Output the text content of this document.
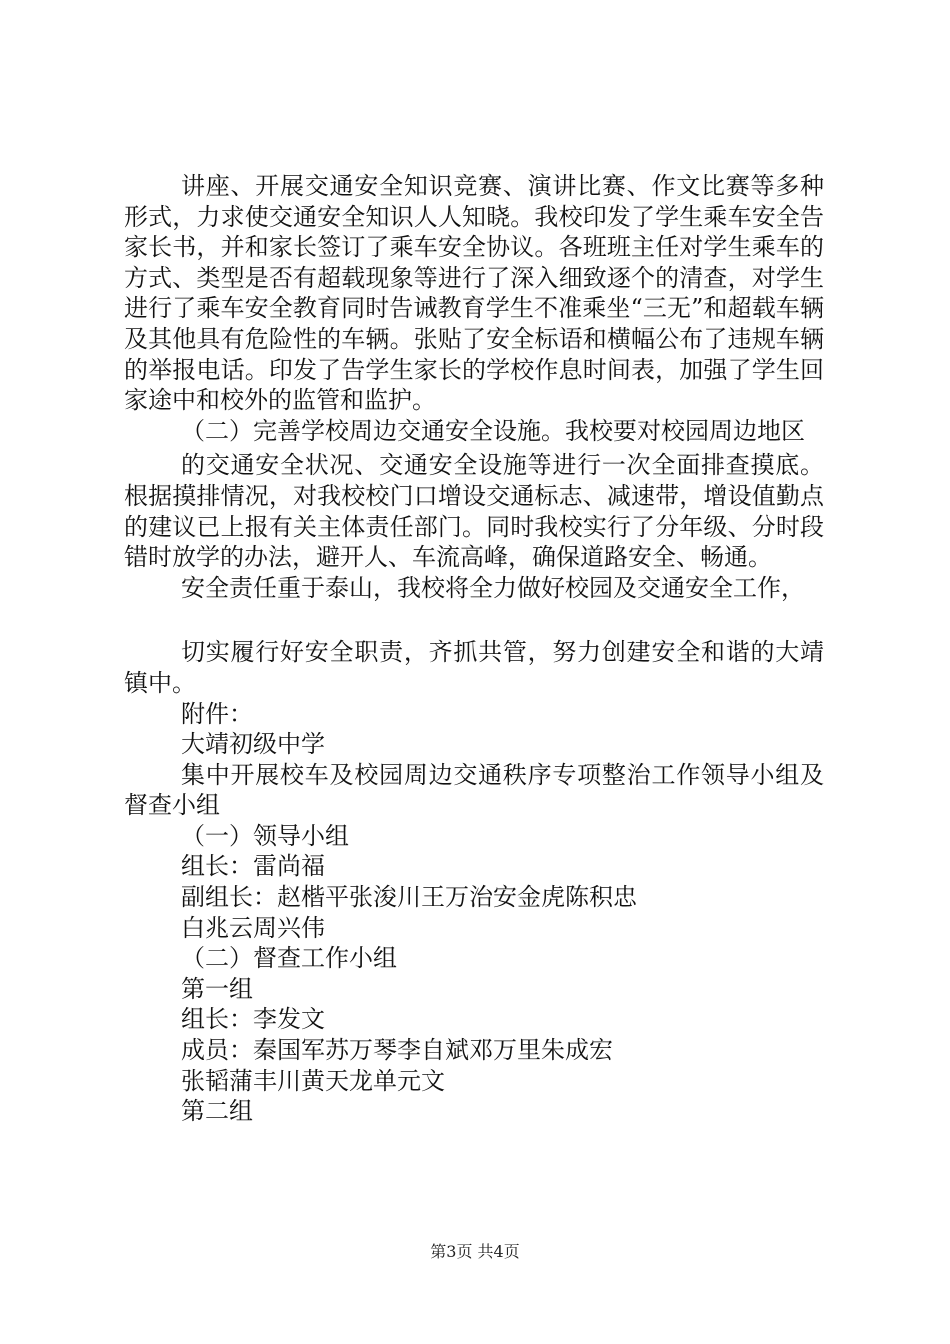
讲座、开展交通安全知识竞赛、演讲比赛、作文比赛等多种形式，力求使交通安全知识人人知晓。我校印发了学生乘车安全告家长书，并和家长签订了乘车安全协议。各班班主任对学生乘车的方式、类型是否有超载现象等进行了深入细致逐个的清查，对学生进行了乘车安全教育同时告诫教育学生不准乘坐“三无”和超载车辆及其他具有危险性的车辆。张贴了安全标语和横幅公布了违规车辆的举报电话。印发了告学生家长的学校作息时间表，加强了学生回家途中和校外的监管和监护。

（二）完善学校周边交通安全设施。我校要对校园周边地区

的交通安全状况、交通安全设施等进行一次全面排查摸底。根据摸排情况，对我校校门口增设交通标志、减速带，增设值勤点的建议已上报有关主体责任部门。同时我校实行了分年级、分时段错时放学的办法，避开人、车流高峰，确保道路安全、畅通。

安全责任重于泰山，我校将全力做好校园及交通安全工作，

切实履行好安全职责，齐抓共管，努力创建安全和谐的大靖镇中。

附件：

大靖初级中学

集中开展校车及校园周边交通秩序专项整治工作领导小组及督查小组

（一）领导小组

组长：雷尚福

副组长：赵楷平张浚川王万治安金虎陈积忠

白兆云周兴伟

（二）督查工作小组

第一组

组长：李发文

成员：秦国军苏万琴李自斌邓万里朱成宏

张韬蒲丰川黄天龙单元文

第二组

第3页 共4页
